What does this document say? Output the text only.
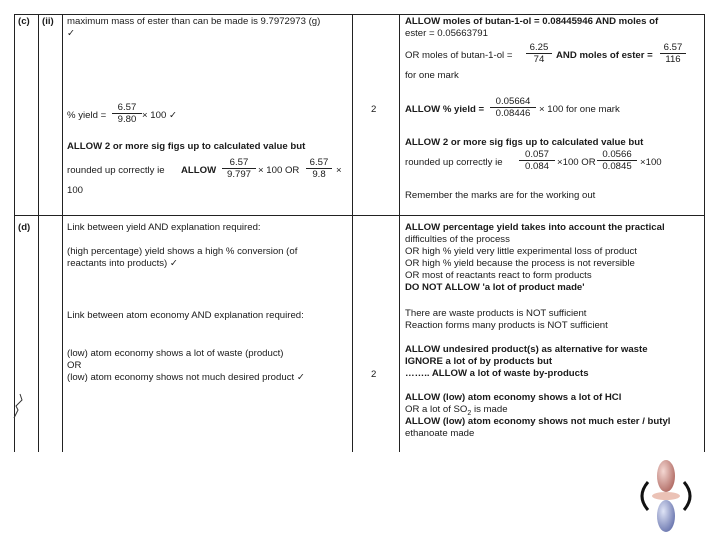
(c) (ii) maximum mass of ester than can be made is 9.7972973 (g)
✓
% yield = $\frac{6.57}{9.80} \times 100$ ✓
ALLOW 2 or more sig figs up to calculated value but
rounded up correctly ie ALLOW $\frac{6.57}{9.797} \times 100$ OR $\frac{6.57}{9.8}$ ×
100
2
ALLOW moles of butan-1-ol = 0.08445946 AND moles of
ester = 0.05663791
OR moles of $butan-1-ol = \frac{6.25}{74}$ AND moles of ester = $\frac{6.57}{116}$
for one mark
ALLOW % yield = $\frac{0.05664}{0.08446} \times 100$ for one mark
ALLOW 2 or more sig figs up to calculated value but
rounded up correctly ie $\frac{0.057}{0.084} \times 100$ OR $\frac{0.0566}{0.0845} \times 100$
Remember the marks are for the working out
(d)	Link between yield AND explanation required:
(high percentage) yield shows a high % conversion (of
reactants into products) ✓
Link between atom economy AND explanation required:
(low) atom economy shows a lot of waste (product)
OR
(low) atom economy shows not much desired product ✓	2
ALLOW percentage yield takes into account the practical
difficulties of the process
OR high % yield very little experimental loss of product
OR high % yield because the process is not reversible
OR most of reactants react to form products
DO NOT ALLOW 'a lot of product made'
There are waste products is NOT sufficient
Reaction forms many products is NOT sufficient
ALLOW undesired product(s) as alternative for waste
IGNORE a lot of by products but
…….. ALLOW a lot of waste by-products
ALLOW (low) atom economy shows a lot of HCl
OR a lot of $SO_2$ is made
ALLOW (low) atom economy shows not much ester / butyl
ethanoate made
